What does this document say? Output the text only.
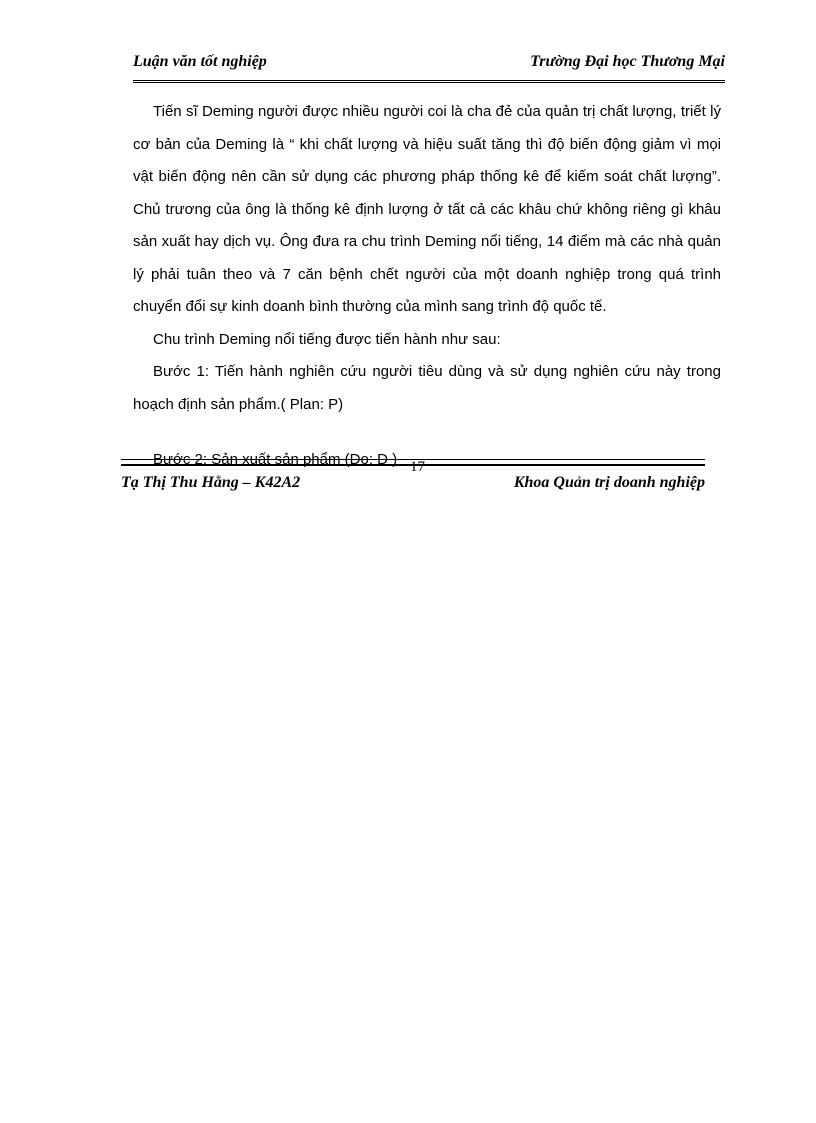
Luận văn tốt nghiệp	Trường Đại học Thương Mại

Tiến sĩ Deming người được nhiều người coi là cha đẻ của quản trị chất lượng, triết lý cơ bản của Deming là “ khi chất lượng và hiệu suất tăng thì độ biến động giảm vì mọi vật biến động nên cần sử dụng các phương pháp thống kê để kiếm soát chất lượng”. Chủ trương của ông là thống kê định lượng ở tất cả các khâu chứ không riêng gì khâu sản xuất hay dịch vụ. Ông đưa ra chu trình Deming nổi tiếng, 14 điểm mà các nhà quản lý phải tuân theo và 7 căn bệnh chết người của một doanh nghiệp trong quá trình chuyển đổi sự kinh doanh bình thường của mình sang trình độ quốc tế.

Chu trình Deming nổi tiếng được tiến hành như sau:

Bước 1: Tiến hành nghiên cứu người tiêu dùng và sử dụng nghiên cứu này trong hoạch định sản phẩm.( Plan: P)

Bước 2: Sản xuất sản phẩm (Do: D ) 17
Tạ Thị Thu Hằng – K42A2	Khoa Quản trị doanh nghiệp
